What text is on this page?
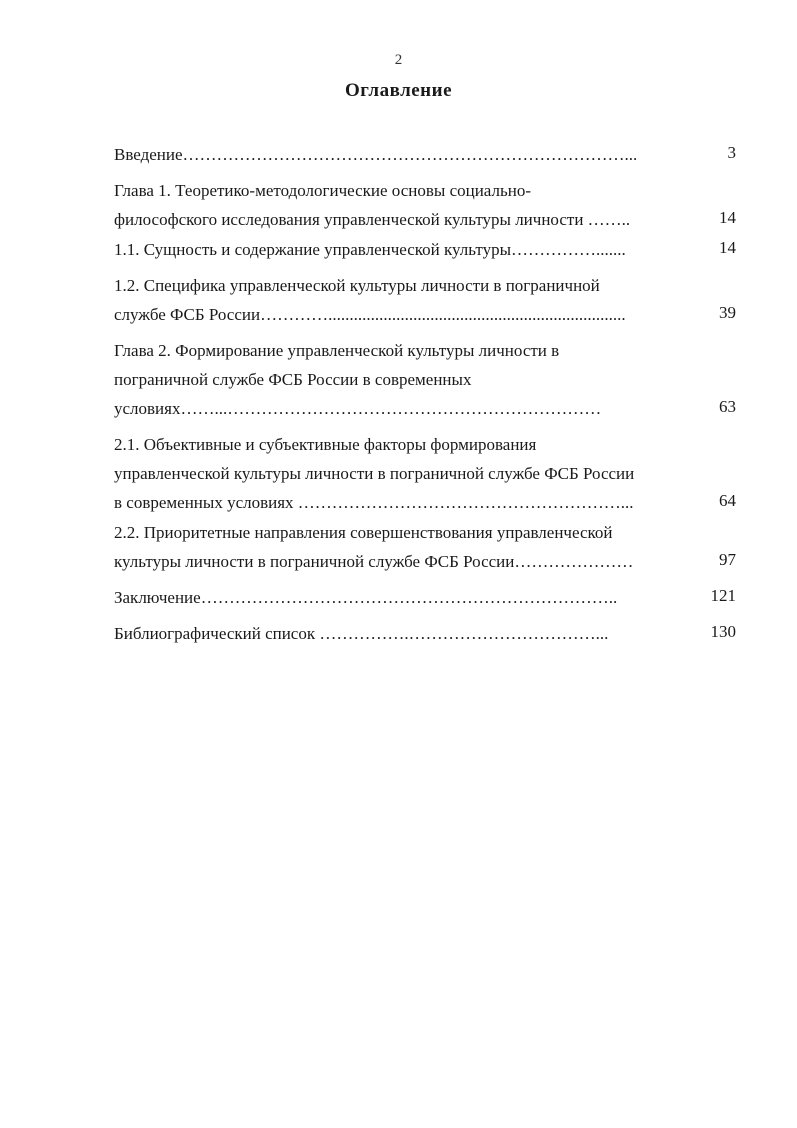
2
Оглавление
Введение……………………………………………………………………...	3
Глава 1. Теоретико-методологические основы социально-
философского исследования управленческой культуры личности ……..	14
1.1. Сущность и содержание управленческой культуры…………….......	14
1.2. Специфика управленческой культуры личности в пограничной
службе ФСБ России…………......................................................................	39
Глава 2. Формирование управленческой культуры личности в
пограничной службе ФСБ России в современных
условиях……...…………………………………………………………	63
2.1. Объективные и субъективные факторы формирования
управленческой культуры личности в пограничной службе ФСБ России
в современных условиях …………………………………………………...	64
2.2. Приоритетные направления совершенствования управленческой
культуры личности в пограничной службе ФСБ России…………………	97
Заключение………………………………………………………………..	121
Библиографический список …………….……………………………...	130
